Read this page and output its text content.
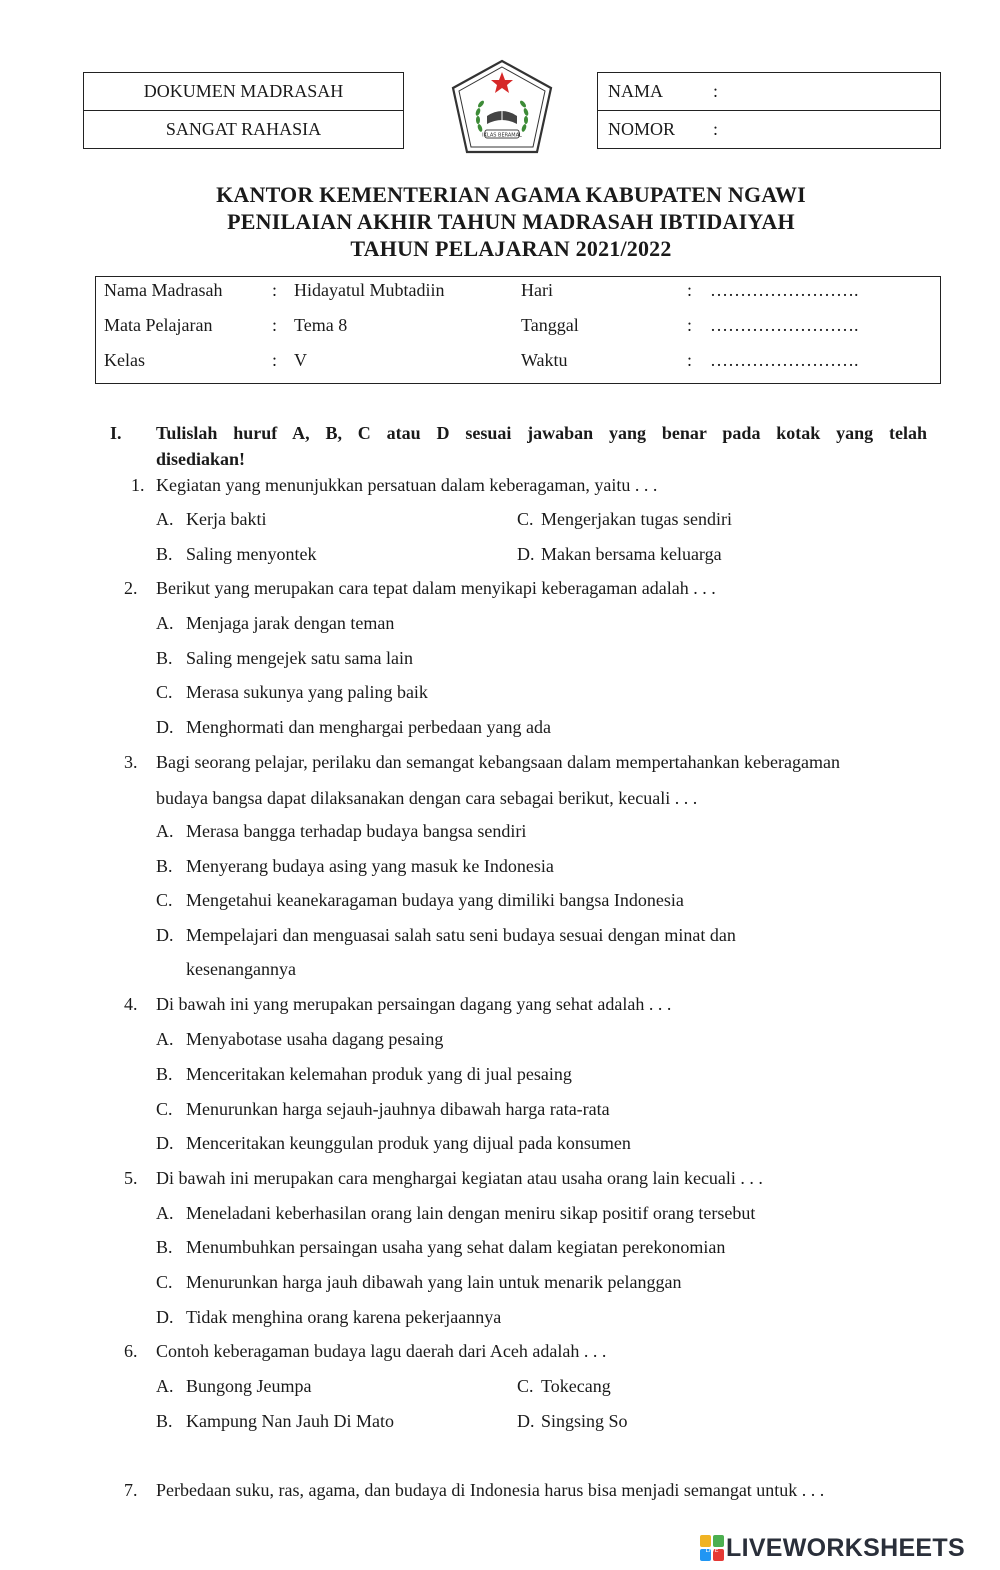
DOKUMEN MADRASAH
SANGAT RAHASIA	IKLAS BERAMAL
NAMA	:
NOMOR	:
KANTOR KEMENTERIAN AGAMA KABUPATEN NGAWI
PENILAIAN AKHIR TAHUN MADRASAH IBTIDAIYAH
TAHUN PELAJARAN 2021/2022
Nama Madrasah	: Hidayatul Mubtadiin	Hari	: …………………….
Mata Pelajaran	: Tema 8	Tanggal	: …………………….
Kelas	: V	Waktu	: …………………….
I. Tulislah huruf A, B, C atau D sesuai jawaban yang benar pada kotak yang telah
disediakan!
1. Kegiatan yang menunjukkan persatuan dalam keberagaman, yaitu . . .
A. Kerja bakti	C. Mengerjakan tugas sendiri
B. Saling menyontek	D. Makan bersama keluarga
2.	Berikut yang merupakan cara tepat dalam menyikapi keberagaman adalah . . .
A. Menjaga jarak dengan teman
B. Saling mengejek satu sama lain
C. Merasa sukunya yang paling baik
D. Menghormati dan menghargai perbedaan yang ada
3.	Bagi seorang pelajar, perilaku dan semangat kebangsaan dalam mempertahankan keberagaman
budaya bangsa dapat dilaksanakan dengan cara sebagai berikut, kecuali . . .
A. Merasa bangga terhadap budaya bangsa sendiri
B. Menyerang budaya asing yang masuk ke Indonesia
C. Mengetahui keanekaragaman budaya yang dimiliki bangsa Indonesia
D. Mempelajari dan menguasai salah satu seni budaya sesuai dengan minat dan
kesenangannya
4.	Di bawah ini yang merupakan persaingan dagang yang sehat adalah . . .
A. Menyabotase usaha dagang pesaing
B. Menceritakan kelemahan produk yang di jual pesaing
C. Menurunkan harga sejauh-jauhnya dibawah harga rata-rata
D. Menceritakan keunggulan produk yang dijual pada konsumen
5.	Di bawah ini merupakan cara menghargai kegiatan atau usaha orang lain kecuali . . .
A. Meneladani keberhasilan orang lain dengan meniru sikap positif orang tersebut
B. Menumbuhkan persaingan usaha yang sehat dalam kegiatan perekonomian
C. Menurunkan harga jauh dibawah yang lain untuk menarik pelanggan
D. Tidak menghina orang karena pekerjaannya
6.	Contoh keberagaman budaya lagu daerah dari Aceh adalah . . .
A. Bungong Jeumpa	C. Tokecang
B. Kampung Nan Jauh Di Mato	D. Singsing So
7.	Perbedaan suku, ras, agama, dan budaya di Indonesia harus bisa menjadi semangat untuk . . .
LIVE LIVEWORKSHEETS
